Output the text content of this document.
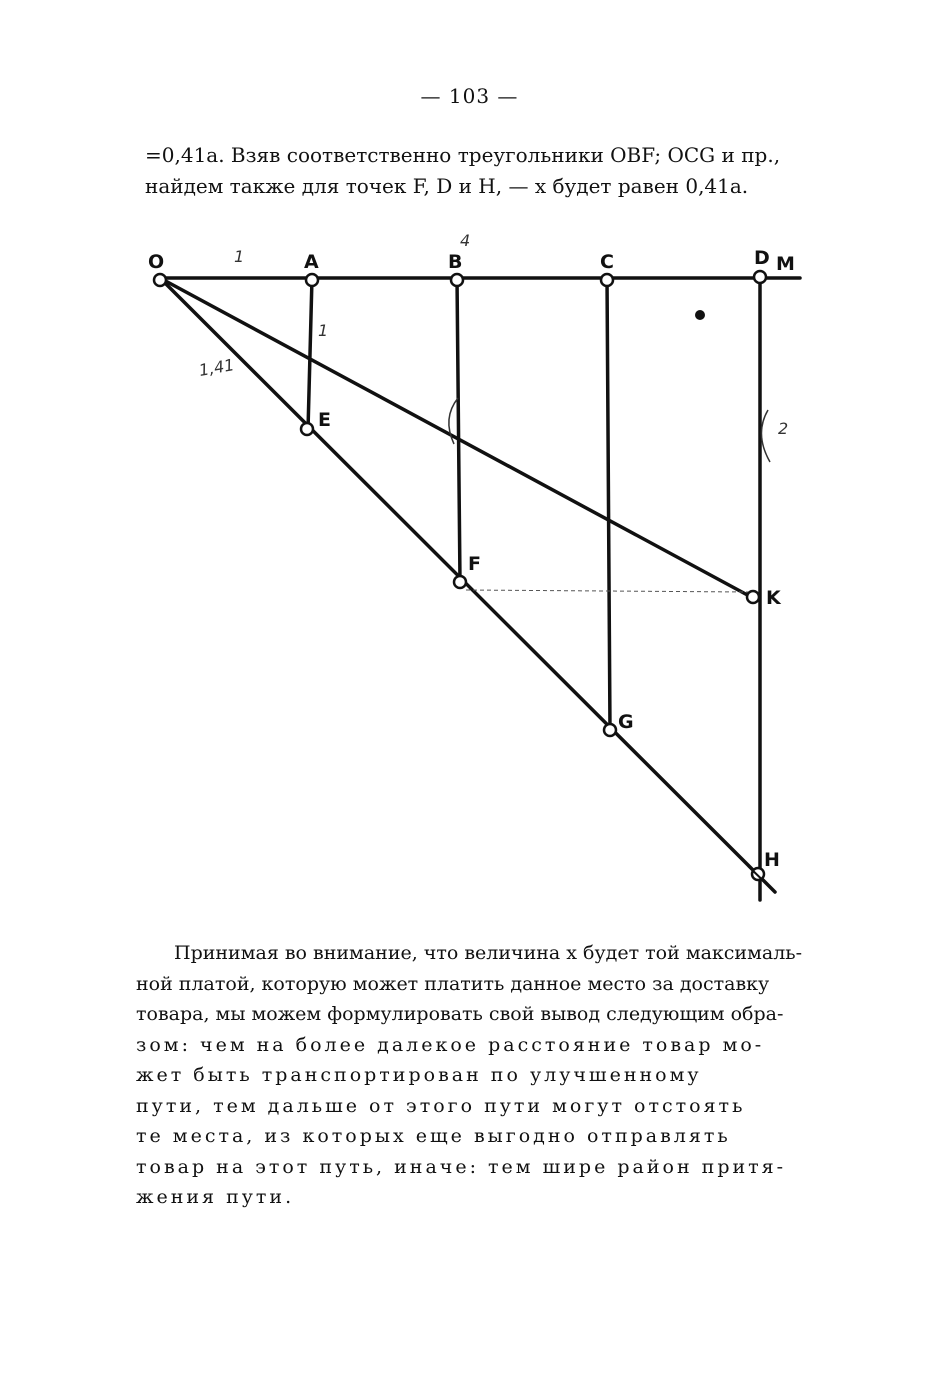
— 103 —
=0,41a. Взяв соответственно треугольники OBF; OCG и пр.,
найдем также для точек F, D и H, — x будет равен 0,41a.
O	A	B	C	D M
E
F
G
K
H
1
1
1,41
4
2
Принимая во внимание, что величина x будет той максималь-
ной платой, которую может платить данное место за доставку
товара, мы можем формулировать свой вывод следующим обра-
зом: чем на более далекое расстояние товар мо-
жет быть транспортирован по улучшенному
пути, тем дальше от этого пути могут отстоять
те места, из которых еще выгодно отправлять
товар на этот путь, иначе: тем шире район притя-
жения пути.
